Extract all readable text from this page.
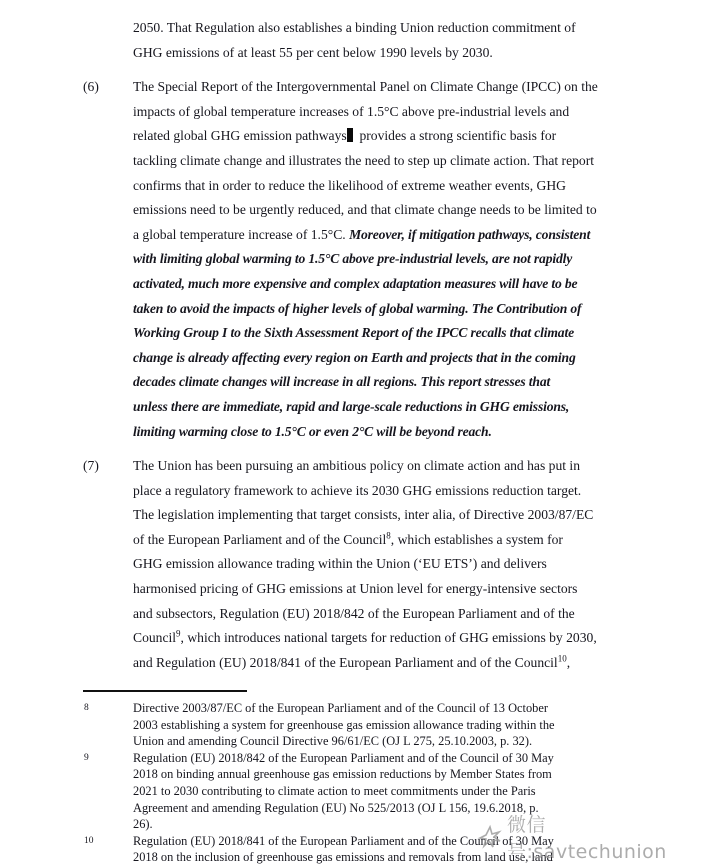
2050. That Regulation also establishes a binding Union reduction commitment of
GHG emissions of at least 55 per cent below 1990 levels by 2030.
(6)	The Special Report of the Intergovernmental Panel on Climate Change (IPCC) on the
impacts of global temperature increases of 1.5°C above pre-industrial levels and
related global GHG emission pathways  provides a strong scientific basis for
tackling climate change and illustrates the need to step up climate action. That report
confirms that in order to reduce the likelihood of extreme weather events, GHG
emissions need to be urgently reduced, and that climate change needs to be limited to
a global temperature increase of 1.5°C. Moreover, if mitigation pathways, consistent
with limiting global warming to 1.5°C above pre-industrial levels, are not rapidly
activated, much more expensive and complex adaptation measures will have to be
taken to avoid the impacts of higher levels of global warming. The Contribution of
Working Group I to the Sixth Assessment Report of the IPCC recalls that climate
change is already affecting every region on Earth and projects that in the coming
decades climate changes will increase in all regions. This report stresses that
unless there are immediate, rapid and large-scale reductions in GHG emissions,
limiting warming close to 1.5°C or even 2°C will be beyond reach.
(7)	The Union has been pursuing an ambitious policy on climate action and has put in
place a regulatory framework to achieve its 2030 GHG emissions reduction target.
The legislation implementing that target consists, inter alia, of Directive 2003/87/EC
of the European Parliament and of the Council$^8$, which establishes a system for
GHG emission allowance trading within the Union (‘EU ETS’) and delivers
harmonised pricing of GHG emissions at Union level for energy-intensive sectors
and subsectors, Regulation (EU) 2018/842 of the European Parliament and of the
Council$^9$, which introduces national targets for reduction of GHG emissions by 2030,
and Regulation (EU) 2018/841 of the European Parliament and of the Council$^{10}$,
8	Directive 2003/87/EC of the European Parliament and of the Council of 13 October
2003 establishing a system for greenhouse gas emission allowance trading within the
Union and amending Council Directive 96/61/EC (OJ L 275, 25.10.2003, p. 32).
9	Regulation (EU) 2018/842 of the European Parliament and of the Council of 30 May
2018 on binding annual greenhouse gas emission reductions by Member States from
2021 to 2030 contributing to climate action to meet commitments under the Paris
Agreement and amending Regulation (EU) No 525/2013 (OJ L 156, 19.6.2018, p.
26).
10	Regulation (EU) 2018/841 of the European Parliament and of the Council of 30 May
2018 on the inclusion of greenhouse gas emissions and removals from land use, land
微信号:savtechunion
